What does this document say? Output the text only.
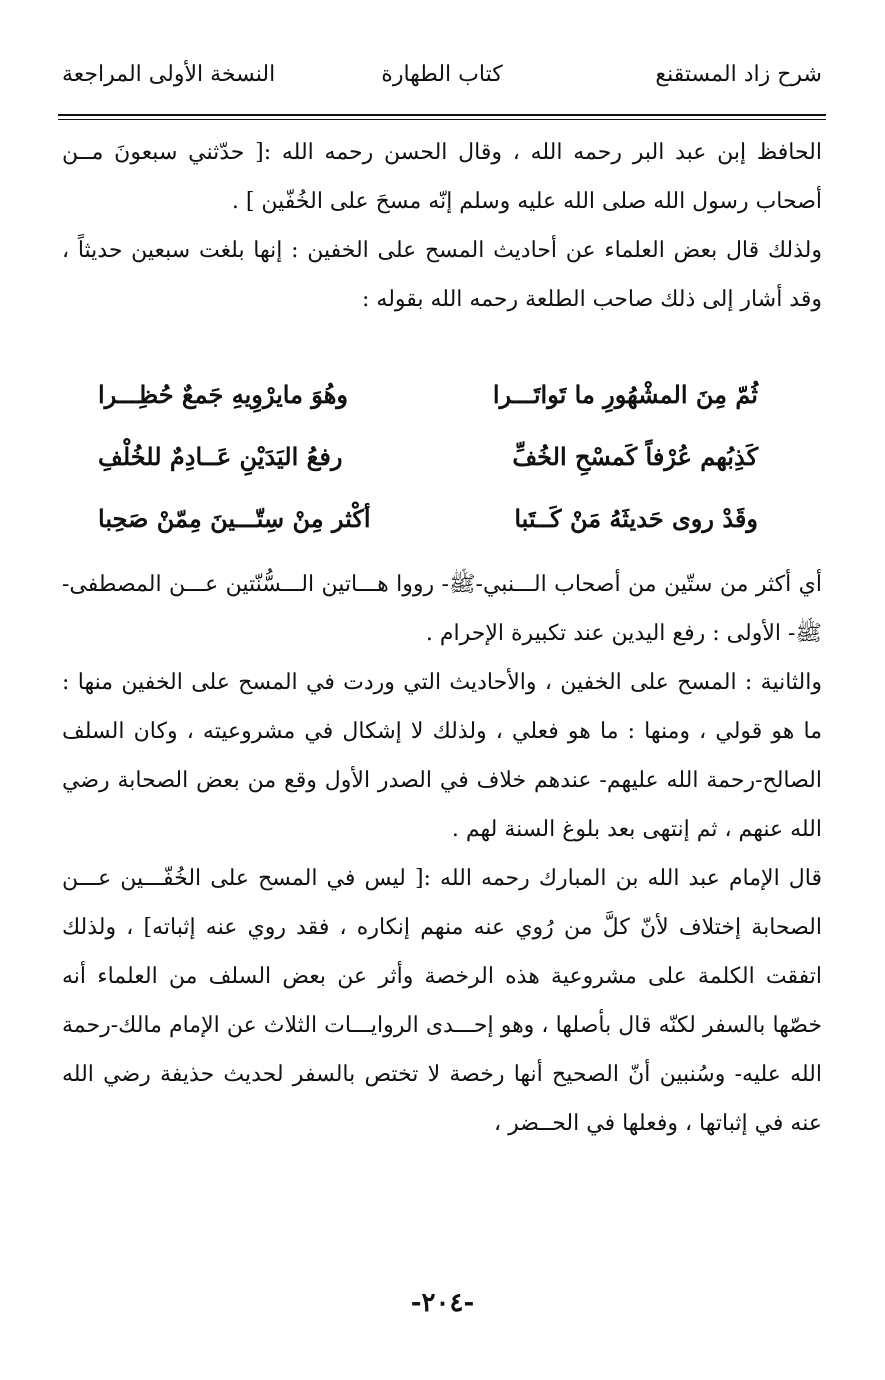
شرح زاد المستقنع
كتاب الطهارة
النسخة الأولى المراجعة

الحافظ إبن عبد البر رحمه الله ، وقال الحسن رحمه الله :[ حدّثني سبعونَ مــن أصحاب رسول الله صلى الله عليه وسلم إنّه مسحَ على الخُفّين ] .

ولذلك قال بعض العلماء عن أحاديث المسح على الخفين : إنها بلغت سبعين حديثاً ، وقد أشار إلى ذلك صاحب الطلعة رحمه الله بقوله :

ثُمّ مِنَ المشْهُورِ ما تَواتَـــرا
وهُوَ مايرْوِيهِ جَمعٌ حُظِـــرا
كَذِبُهم عُرْفاً كَمسْحِ الخُفِّ
رفعُ اليَدَيْنِ عَــادِمٌ للخُلْفِ
وقَدْ روى حَديثَهُ مَنْ كَــتَبا
أكْثر مِنْ سِتّـــينَ مِمّنْ صَحِبا

أي أكثر من ستّين من أصحاب الـــنبي-ﷺ- رووا هـــاتين الـــسُّنّتين عـــن المصطفى-ﷺ- الأولى : رفع اليدين عند تكبيرة الإحرام .

والثانية : المسح على الخفين ، والأحاديث التي وردت في المسح على الخفين منها : ما هو قولي ، ومنها : ما هو فعلي ، ولذلك لا إشكال في مشروعيته ، وكان السلف الصالح-رحمة الله عليهم- عندهم خلاف في الصدر الأول وقع من بعض الصحابة رضي الله عنهم ، ثم إنتهى بعد بلوغ السنة لهم .

قال الإمام عبد الله بن المبارك رحمه الله :[ ليس في المسح على الخُفّـــين عـــن الصحابة إختلاف لأنّ كلَّ من رُوي عنه منهم إنكاره ، فقد روي عنه إثباته] ، ولذلك اتفقت الكلمة على مشروعية هذه الرخصة وأثر عن بعض السلف من العلماء أنه خصّها بالسفر لكنّه قال بأصلها ، وهو إحـــدى الروايـــات الثلاث عن الإمام مالك-رحمة الله عليه- وسُنبين أنّ الصحيح أنها رخصة لا تختص بالسفر لحديث حذيفة رضي الله عنه في إثباتها ، وفعلها في الحــضر ،

-٢٠٤-
